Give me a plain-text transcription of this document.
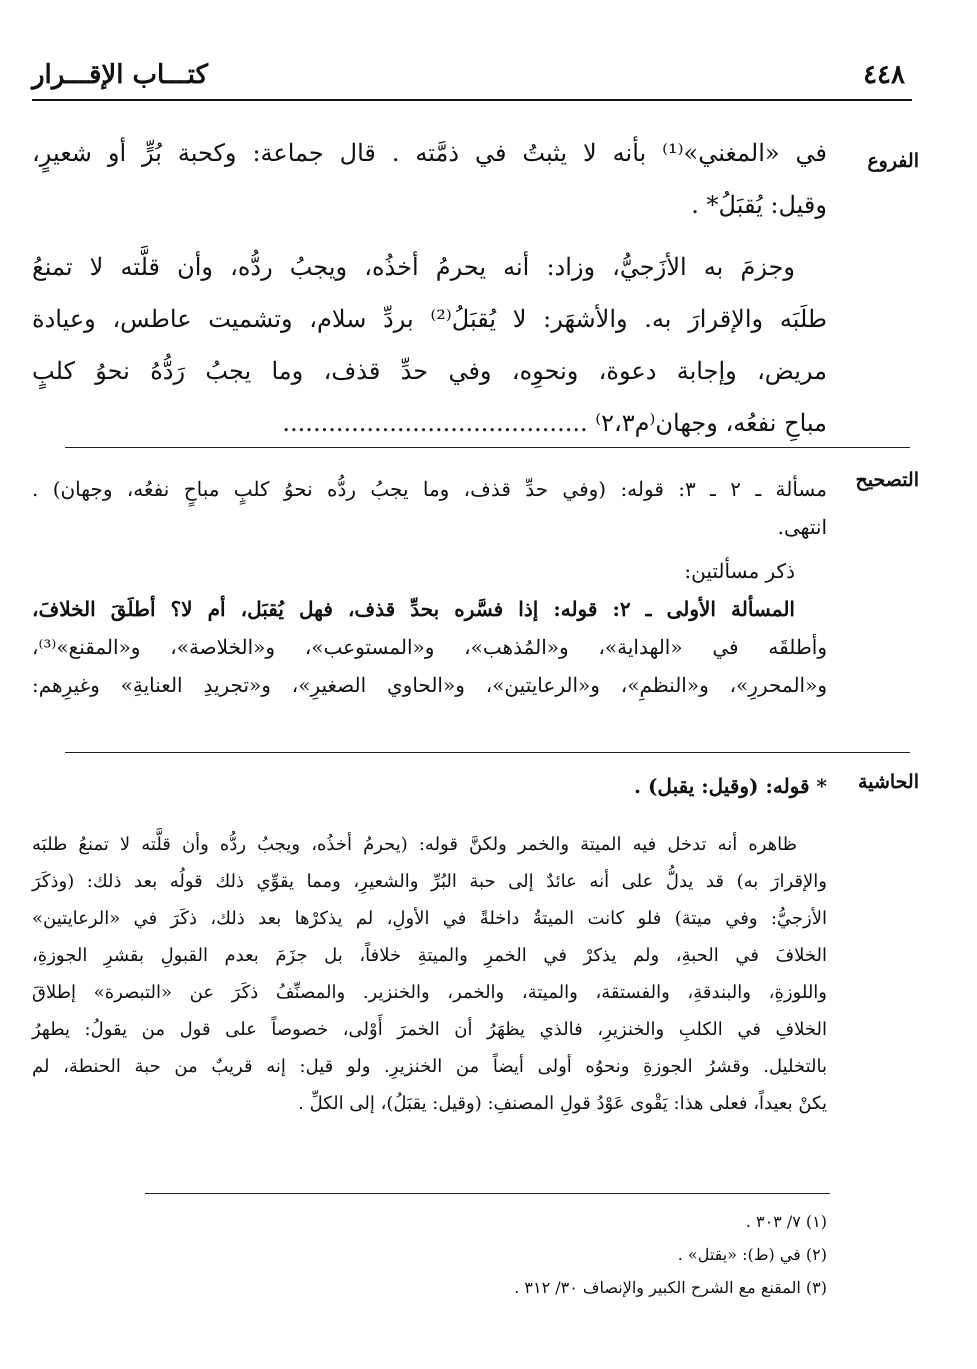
٤٤٨
كتـــاب الإقـــرار
الفروع
في «المغني»⁽¹⁾ بأنه لا يثبتُ في ذمَّته . قال جماعة: وكحبة بُرٍّ أو شعيرٍ،
وقيل: يُقبَلُ* .
وجزمَ به الأزَجيُّ، وزاد: أنه يحرمُ أخذُه، ويجبُ ردُّه، وأن قلَّته لا تمنعُ
طلَبَه والإقرارَ به. والأشهَر: لا يُقبَلُ⁽²⁾ بردِّ سلام، وتشميت عاطس، وعيادة
مريض، وإجابة دعوة، ونحوِه، وفي حدِّ قذف، وما يجبُ رَدُّهُ نحوُ كلبٍ
مباحِ نفعُه، وجهان⁽م٢،٣⁾ ........................................
التصحيح
مسألة ـ ٢ ـ ٣: قوله: (وفي حدِّ قذف، وما يجبُ ردُّه نحوُ كلبٍ مباحٍ نفعُه، وجهان) .
انتهى.
ذكر مسألتين:
المسألة الأولى ـ ٢: قوله: إذا فسَّره بحدِّ قذف، فهل يُقبَل، أم لا؟ أطلَقَ الخلافَ،
وأطلقَه في «الهداية»، و«المُذهب»، و«المستوعب»، و«الخلاصة»، و«المقنع»⁽³⁾،
و«المحررِ»، و«النظمِ»، و«الرعايتين»، و«الحاوي الصغيرِ»، و«تجريدِ العنايةِ» وغيرِهم:
الحاشية
* قوله: (وقيل: يقبل) .
ظاهره أنه تدخل فيه الميتة والخمر ولكنَّ قوله: (يحرمُ أخذُه، ويجبُ ردُّه وأن قلَّته لا تمنعُ طلبَه
والإقرارَ به) قد يدلُّ على أنه عائدٌ إلى حبة البُرِّ والشعيرِ، ومما يقوِّي ذلك قولُه بعد ذلك: (وذكَرَ
الأزجيُّ: وفي ميتة) فلو كانت الميتةُ داخلةً في الأولِ، لم يذكرْها بعد ذلك، ذكَرَ في «الرعايتين»
الخلافَ في الحبةِ، ولم يذكرْ في الخمرِ والميتةِ خلافاً، بل جزَمَ بعدم القبولِ بقشرِ الجوزةِ،
واللوزةِ، والبندقةِ، والفستقة، والميتة، والخمر، والخنزير. والمصنِّفُ ذكَرَ عن «التبصرة» إطلاقَ
الخلافِ في الكلبِ والخنزيرِ، فالذي يظهَرُ أن الخمرَ أَوْلى، خصوصاً على قول من يقولُ: يطهرُ
بالتخليل. وقشرُ الجوزةِ ونحوُه أولى أيضاً من الخنزيرِ. ولو قيل: إنه قريبٌ من حبة الحنطة، لم
يكنْ بعيداً، فعلى هذا: يَقْوى عَوْدُ قولِ المصنفِ: (وقيل: يقبَلُ)، إلى الكلِّ .
(١) ٧/ ٣٠٣ .
(٢) في (ط): «يقتل» .
(٣) المقنع مع الشرح الكبير والإنصاف ٣٠/ ٣١٢ .
